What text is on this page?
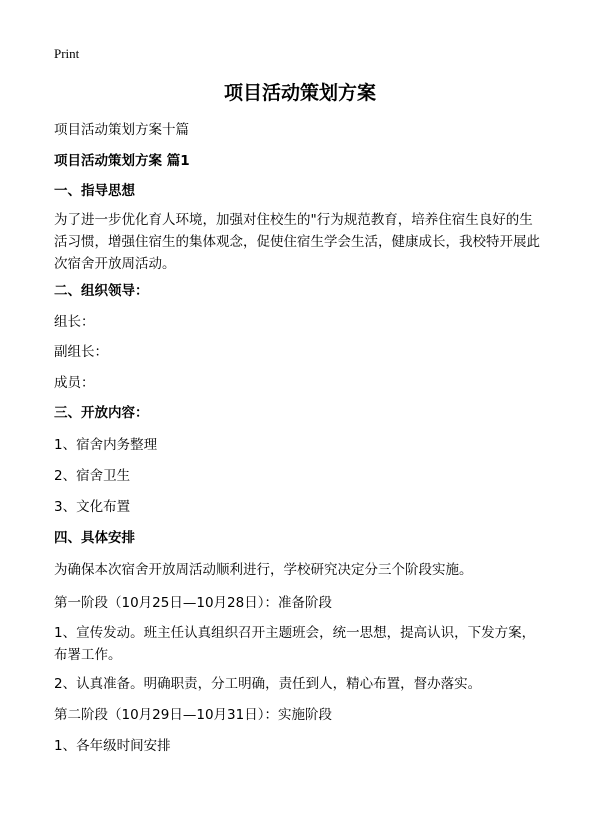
Print
项目活动策划方案
项目活动策划方案十篇
项目活动策划方案 篇1
一、指导思想
为了进一步优化育人环境，加强对住校生的"行为规范教育，培养住宿生良好的生
活习惯，增强住宿生的集体观念，促使住宿生学会生活，健康成长，我校特开展此
次宿舍开放周活动。
二、组织领导：
组长：
副组长：
成员：
三、开放内容：
1、宿舍内务整理
2、宿舍卫生
3、文化布置
四、具体安排
为确保本次宿舍开放周活动顺利进行，学校研究决定分三个阶段实施。
第一阶段（10月25日—10月28日）：准备阶段
1、宣传发动。班主任认真组织召开主题班会，统一思想，提高认识，下发方案，
布署工作。
2、认真准备。明确职责，分工明确，责任到人，精心布置，督办落实。
第二阶段（10月29日—10月31日）：实施阶段
1、各年级时间安排
